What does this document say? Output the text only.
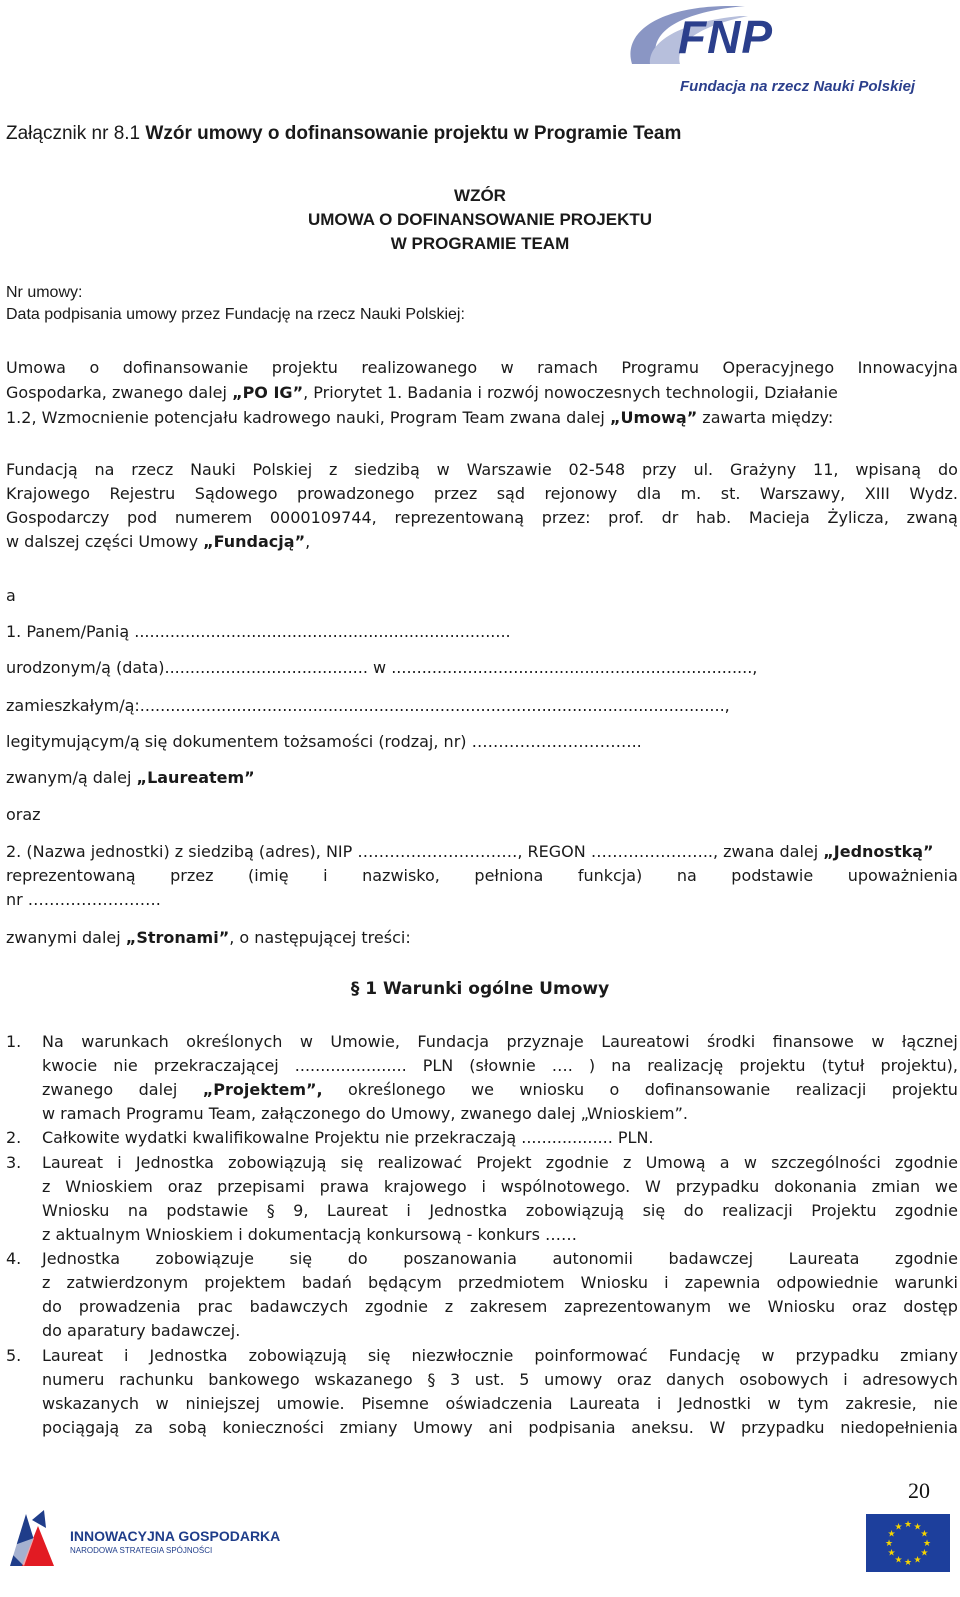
FNP
Fundacja na rzecz Nauki Polskiej
Załącznik nr 8.1 Wzór umowy o dofinansowanie projektu w Programie Team
WZÓR
UMOWA O DOFINANSOWANIE PROJEKTU
W PROGRAMIE TEAM
Nr umowy:
Data podpisania umowy przez Fundację na rzecz Nauki Polskiej:
Umowa o dofinansowanie projektu realizowanego w ramach Programu Operacyjnego Innowacyjna
Gospodarka, zwanego dalej „PO IG”, Priorytet 1. Badania i rozwój nowoczesnych technologii, Działanie
1.2, Wzmocnienie potencjału kadrowego nauki, Program Team zwana dalej „Umową” zawarta między:
Fundacją na rzecz Nauki Polskiej z siedzibą w Warszawie 02-548 przy ul. Grażyny 11, wpisaną do
Krajowego Rejestru Sądowego prowadzonego przez sąd rejonowy dla m. st. Warszawy, XIII Wydz.
Gospodarczy pod numerem 0000109744, reprezentowaną przez: prof. dr hab. Macieja Żylicza, zwaną
w dalszej części Umowy „Fundacją”,
a
1. Panem/Panią ..........................................................................
urodzonym/ą (data)........................................ w .......................................................................,
zamieszkałym/ą:...................................................................................................................,
legitymującym/ą się dokumentem tożsamości (rodzaj, nr) …………………………..
zwanym/ą dalej „Laureatem”
oraz
2. (Nazwa jednostki) z siedzibą (adres), NIP …………………………, REGON ………………….., zwana dalej „Jednostką”
reprezentowaną przez (imię i nazwisko, pełniona funkcja) na podstawie upoważnienia
nr …………………….
zwanymi dalej „Stronami”, o następującej treści:
§ 1 Warunki ogólne Umowy
1. Na warunkach określonych w Umowie, Fundacja przyznaje Laureatowi środki finansowe w łącznej
kwocie nie przekraczającej ...................... PLN (słownie …. ) na realizację projektu (tytuł projektu),
zwanego dalej „Projektem”, określonego we wniosku o dofinansowanie realizacji projektu
w ramach Programu Team, załączonego do Umowy, zwanego dalej „Wnioskiem”.
2. Całkowite wydatki kwalifikowalne Projektu nie przekraczają .................. PLN.
3. Laureat i Jednostka zobowiązują się realizować Projekt zgodnie z Umową a w szczególności zgodnie
z Wnioskiem oraz przepisami prawa krajowego i wspólnotowego. W przypadku dokonania zmian we
Wniosku na podstawie § 9, Laureat i Jednostka zobowiązują się do realizacji Projektu zgodnie
z aktualnym Wnioskiem i dokumentacją konkursową - konkurs ……
4. Jednostka zobowiązuje się do poszanowania autonomii badawczej Laureata zgodnie
z zatwierdzonym projektem badań będącym przedmiotem Wniosku i zapewnia odpowiednie warunki
do prowadzenia prac badawczych zgodnie z zakresem zaprezentowanym we Wniosku oraz dostęp
do aparatury badawczej.
5. Laureat i Jednostka zobowiązują się niezwłocznie poinformować Fundację w przypadku zmiany
numeru rachunku bankowego wskazanego § 3 ust. 5 umowy oraz danych osobowych i adresowych
wskazanych w niniejszej umowie. Pisemne oświadczenia Laureata i Jednostki w tym zakresie, nie
pociągają za sobą konieczności zmiany Umowy ani podpisania aneksu. W przypadku niedopełnienia
INNOWACYJNA GOSPODARKA
NARODOWA STRATEGIA SPÓJNOŚCI
20
★
★
★
★
★
★
★
★
★ ★ ★
★
